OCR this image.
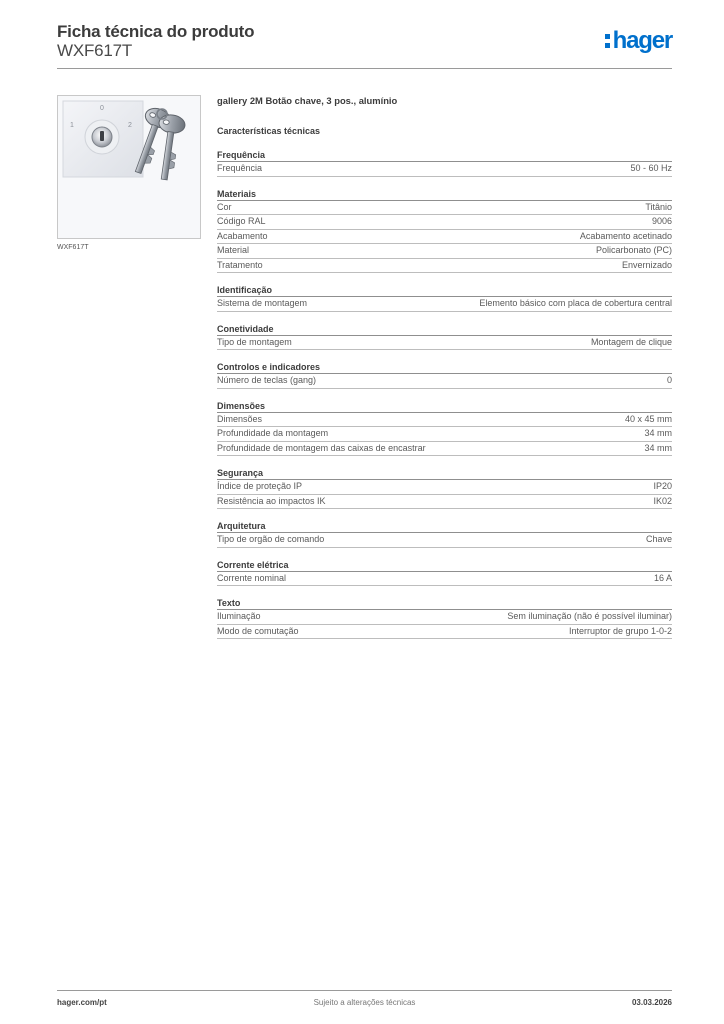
Ficha técnica do produto
WXF617T	hager
0
1	2
WXF617T
gallery 2M Botão chave, 3 pos., alumínio
Características técnicas
Frequência
Frequência	50 - 60 Hz
Materiais
Cor	Titânio
Código RAL	9006
Acabamento	Acabamento acetinado
Material	Policarbonato (PC)
Tratamento	Envernizado
Identificação
Sistema de montagem	Elemento básico com placa de cobertura central
Conetividade
Tipo de montagem	Montagem de clique
Controlos e indicadores
Número de teclas (gang)	0
Dimensões
Dimensões	40 x 45 mm
Profundidade da montagem	34 mm
Profundidade de montagem das caixas de encastrar	34 mm
Segurança
Índice de proteção IP	IP20
Resistência ao impactos IK	IK02
Arquitetura
Tipo de orgão de comando	Chave
Corrente elétrica
Corrente nominal	16 A
Texto
Iluminação	Sem iluminação (não é possível iluminar)
Modo de comutação	Interruptor de grupo 1-0-2
hager.com/pt	Sujeito a alterações técnicas	03.03.2026
